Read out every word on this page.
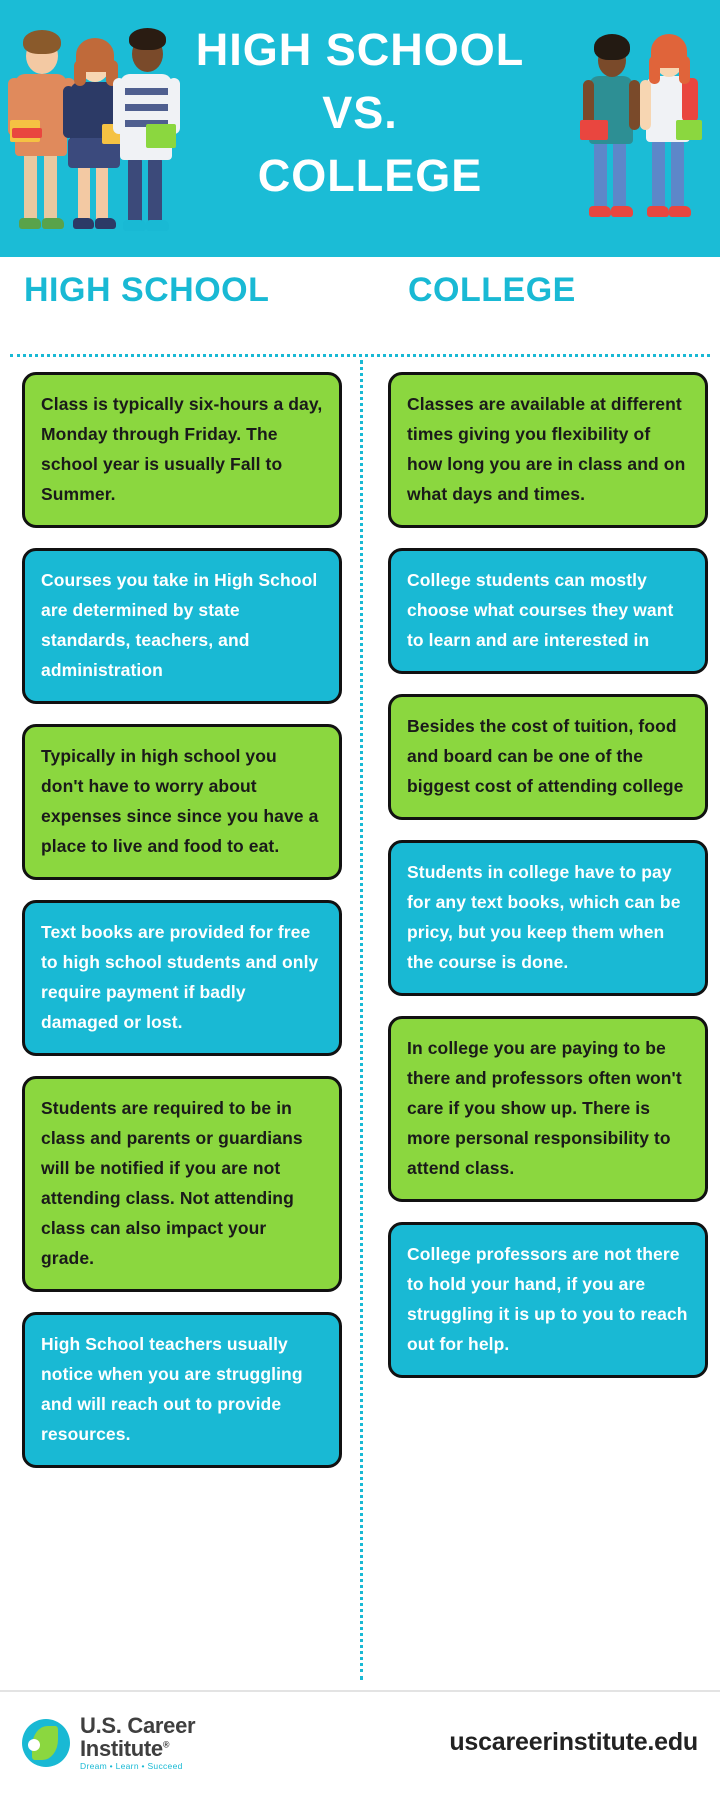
HIGH SCHOOL
VS.
COLLEGE
HIGH SCHOOL	COLLEGE
Class is typically six-hours a day, Monday through Friday. The school year is usually Fall to Summer.
Courses you take in High School are determined by state standards, teachers, and administration
Typically in high school you don't have to worry about expenses since since you have a place to live and food to eat.
Text books are provided for free to high school students and only require payment if badly damaged or lost.
Students are required to be in class and parents or guardians will be notified if you are not attending class. Not attending class can also impact your grade.
High School teachers usually notice when you are struggling and will reach out to provide resources.
Classes are available at different times giving you flexibility of how long you are in class and on what days and times.
College students can mostly choose what courses they want to learn and are interested in
Besides the cost of tuition, food and board can be one of the biggest cost of attending college
Students in college have to pay for any text books, which can be pricy, but you keep them when the course is done.
In college you are paying to be there and professors often won't care if you show up. There is more personal responsibility to attend class.
College professors are not there to hold your hand, if you are struggling it is up to you to reach out for help.
U.S. Career
Institute®
Dream • Learn • Succeed
uscareerinstitute.edu
